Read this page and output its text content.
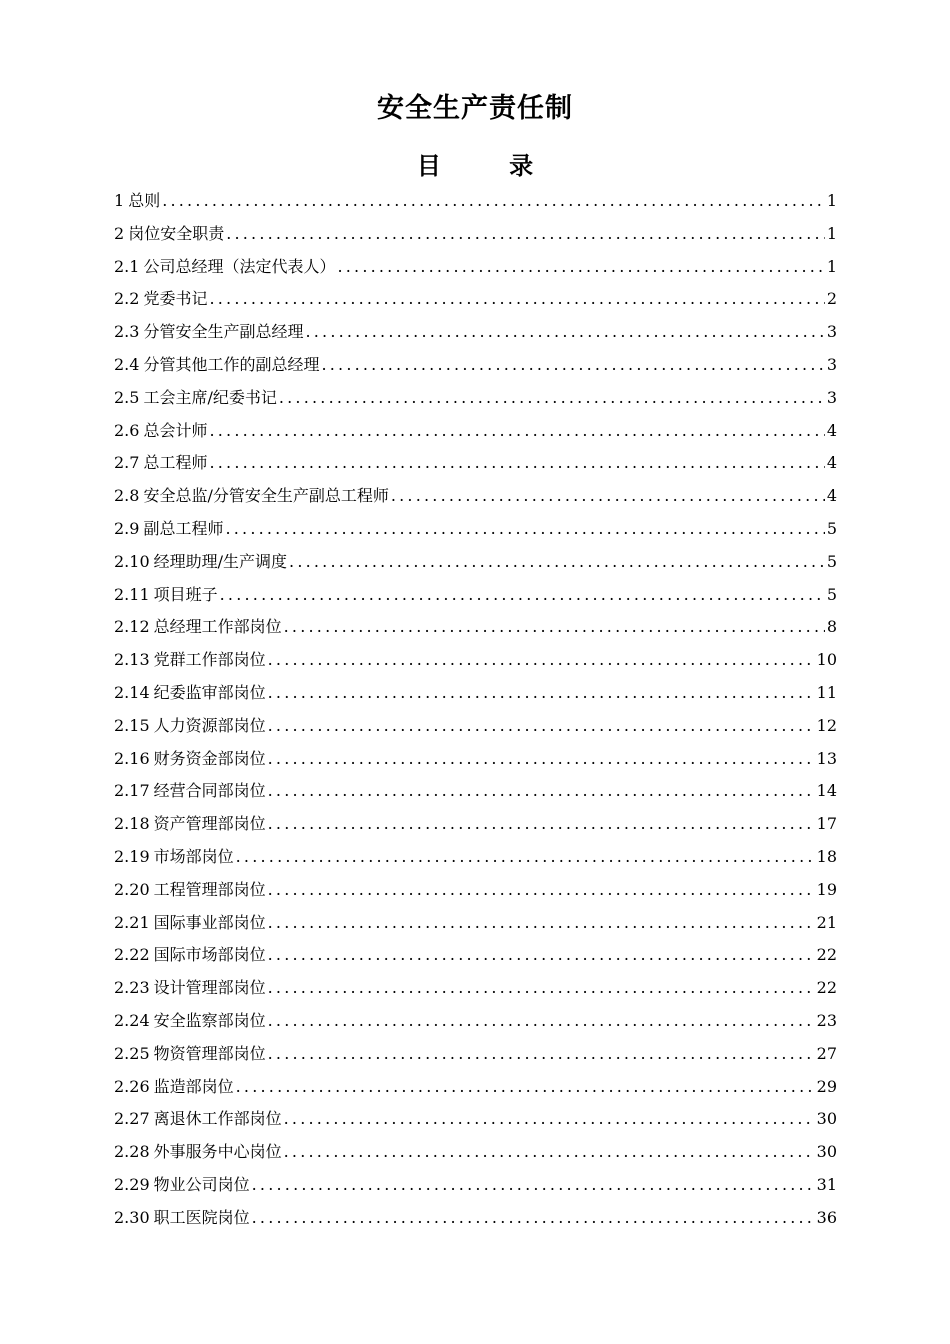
安全生产责任制
目 录
1 总则 .....	1
2 岗位安全职责 .....	1
2.1 公司总经理（法定代表人） .....	1
2.2 党委书记 .....	2
2.3 分管安全生产副总经理 .....	3
2.4 分管其他工作的副总经理 .....	3
2.5 工会主席/纪委书记 .....	3
2.6 总会计师 .....	4
2.7 总工程师 .....	4
2.8 安全总监/分管安全生产副总工程师 .....	4
2.9 副总工程师 .....	5
2.10 经理助理/生产调度 .....	5
2.11 项目班子 .....	5
2.12 总经理工作部岗位 .....	8
2.13 党群工作部岗位 .....	10
2.14 纪委监审部岗位 .....	11
2.15 人力资源部岗位 .....	12
2.16 财务资金部岗位 .....	13
2.17 经营合同部岗位 .....	14
2.18 资产管理部岗位 .....	17
2.19 市场部岗位 .....	18
2.20 工程管理部岗位 .....	19
2.21 国际事业部岗位 .....	21
2.22 国际市场部岗位 .....	22
2.23 设计管理部岗位 .....	22
2.24 安全监察部岗位 .....	23
2.25 物资管理部岗位 .....	27
2.26 监造部岗位 .....	29
2.27 离退休工作部岗位 .....	30
2.28 外事服务中心岗位 .....	30
2.29 物业公司岗位 .....	31
2.30 职工医院岗位 .....	36
